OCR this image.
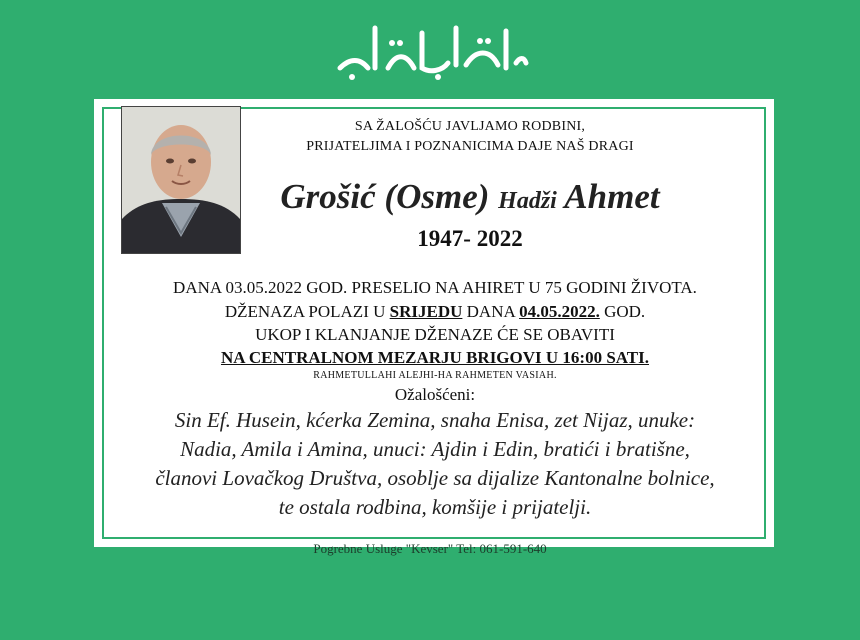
SA ŽALOŠĆU JAVLJAMO RODBINI,
PRIJATELJIMA I POZNANICIMA DAJE NAŠ DRAGI
Grošić (Osme) Hadži Ahmet
1947- 2022
DANA 03.05.2022 GOD. PRESELIO NA AHIRET U 75 GODINI ŽIVOTA.
DŽENAZA POLAZI U SRIJEDU DANA 04.05.2022. GOD.
UKOP I KLANJANJE DŽENAZE ĆE SE OBAVITI
NA CENTRALNOM MEZARJU BRIGOVI U 16:00 SATI.
RAHMETULLAHI ALEJHI-HA RAHMETEN VASIAH.
Ožalošćeni:
Sin Ef. Husein, kćerka Zemina, snaha Enisa, zet Nijaz, unuke:
Nadia, Amila i Amina, unuci: Ajdin i Edin, bratići i bratišne,
članovi Lovačkog Društva, osoblje sa dijalize Kantonalne bolnice,
te ostala rodbina, komšije i prijatelji.
Pogrebne Usluge "Kevser" Tel: 061-591-640
